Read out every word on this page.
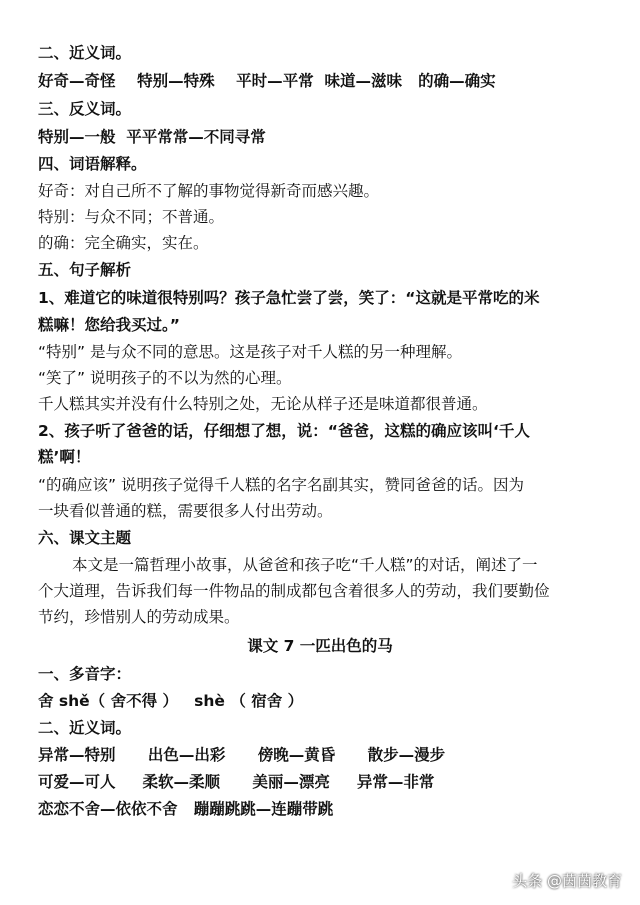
二、近义词。
好奇—奇怪    特别—特殊    平时—平常  味道—滋味   的确—确实
三、反义词。
特别—一般  平平常常—不同寻常
四、词语解释。
好奇：对自己所不了解的事物觉得新奇而感兴趣。
特别：与众不同；不普通。
的确：完全确实，实在。
五、句子解析
1、难道它的味道很特别吗？孩子急忙尝了尝，笑了：“这就是平常吃的米
糕嘛！您给我买过。”
“特别” 是与众不同的意思。这是孩子对千人糕的另一种理解。
“笑了” 说明孩子的不以为然的心理。
千人糕其实并没有什么特别之处，无论从样子还是味道都很普通。
2、孩子听了爸爸的话，仔细想了想，说：“爸爸，这糕的确应该叫‘千人
糕’啊！
“的确应该” 说明孩子觉得千人糕的名字名副其实，赞同爸爸的话。因为
一块看似普通的糕，需要很多人付出劳动。
六、课文主题
本文是一篇哲理小故事，从爸爸和孩子吃“千人糕”的对话，阐述了一
个大道理，告诉我们每一件物品的制成都包含着很多人的劳动，我们要勤俭
节约，珍惜别人的劳动成果。
课文 7 一匹出色的马
一、多音字：
舍 shě（ 舍不得 ）   shè （ 宿舍 ）
二、近义词。
异常—特别      出色—出彩      傍晚—黄昏      散步—漫步
可爱—可人     柔软—柔顺      美丽—漂亮     异常—非常
恋恋不舍—依依不舍   蹦蹦跳跳—连蹦带跳
头条 @茵茵教育
